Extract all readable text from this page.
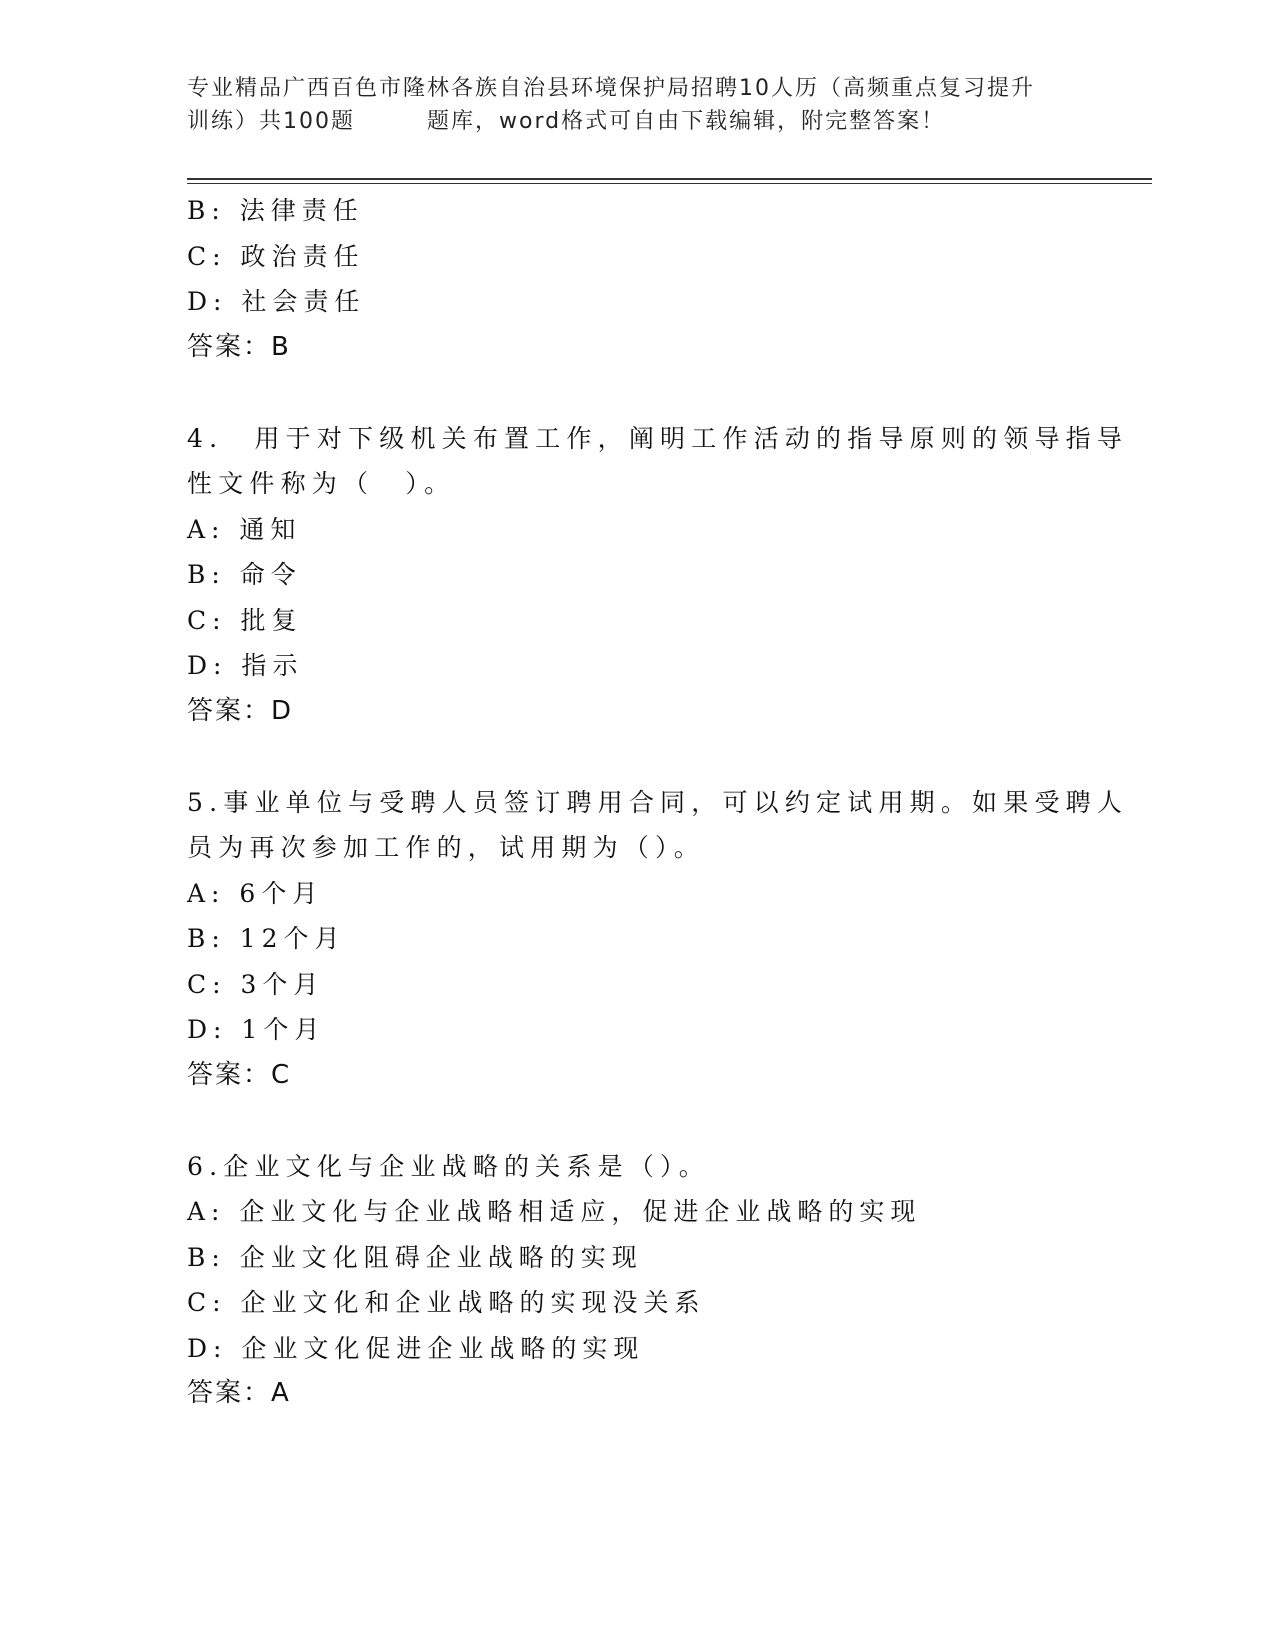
专业精品广西百色市隆林各族自治县环境保护局招聘10人历（高频重点复习提升
训练）共100题	题库，word格式可自由下载编辑，附完整答案！
B: 法律责任
C: 政治责任
D: 社会责任
答案：B
4.　用于对下级机关布置工作，阐明工作活动的指导原则的领导指导
性文件称为（　）。
A: 通知
B: 命令
C: 批复
D: 指示
答案：D
5.事业单位与受聘人员签订聘用合同，可以约定试用期。如果受聘人
员为再次参加工作的，试用期为（）。
A: 6个月
B: 12个月
C: 3个月
D: 1个月
答案：C
6.企业文化与企业战略的关系是（）。
A: 企业文化与企业战略相适应，促进企业战略的实现
B: 企业文化阻碍企业战略的实现
C: 企业文化和企业战略的实现没关系
D: 企业文化促进企业战略的实现
答案：A
